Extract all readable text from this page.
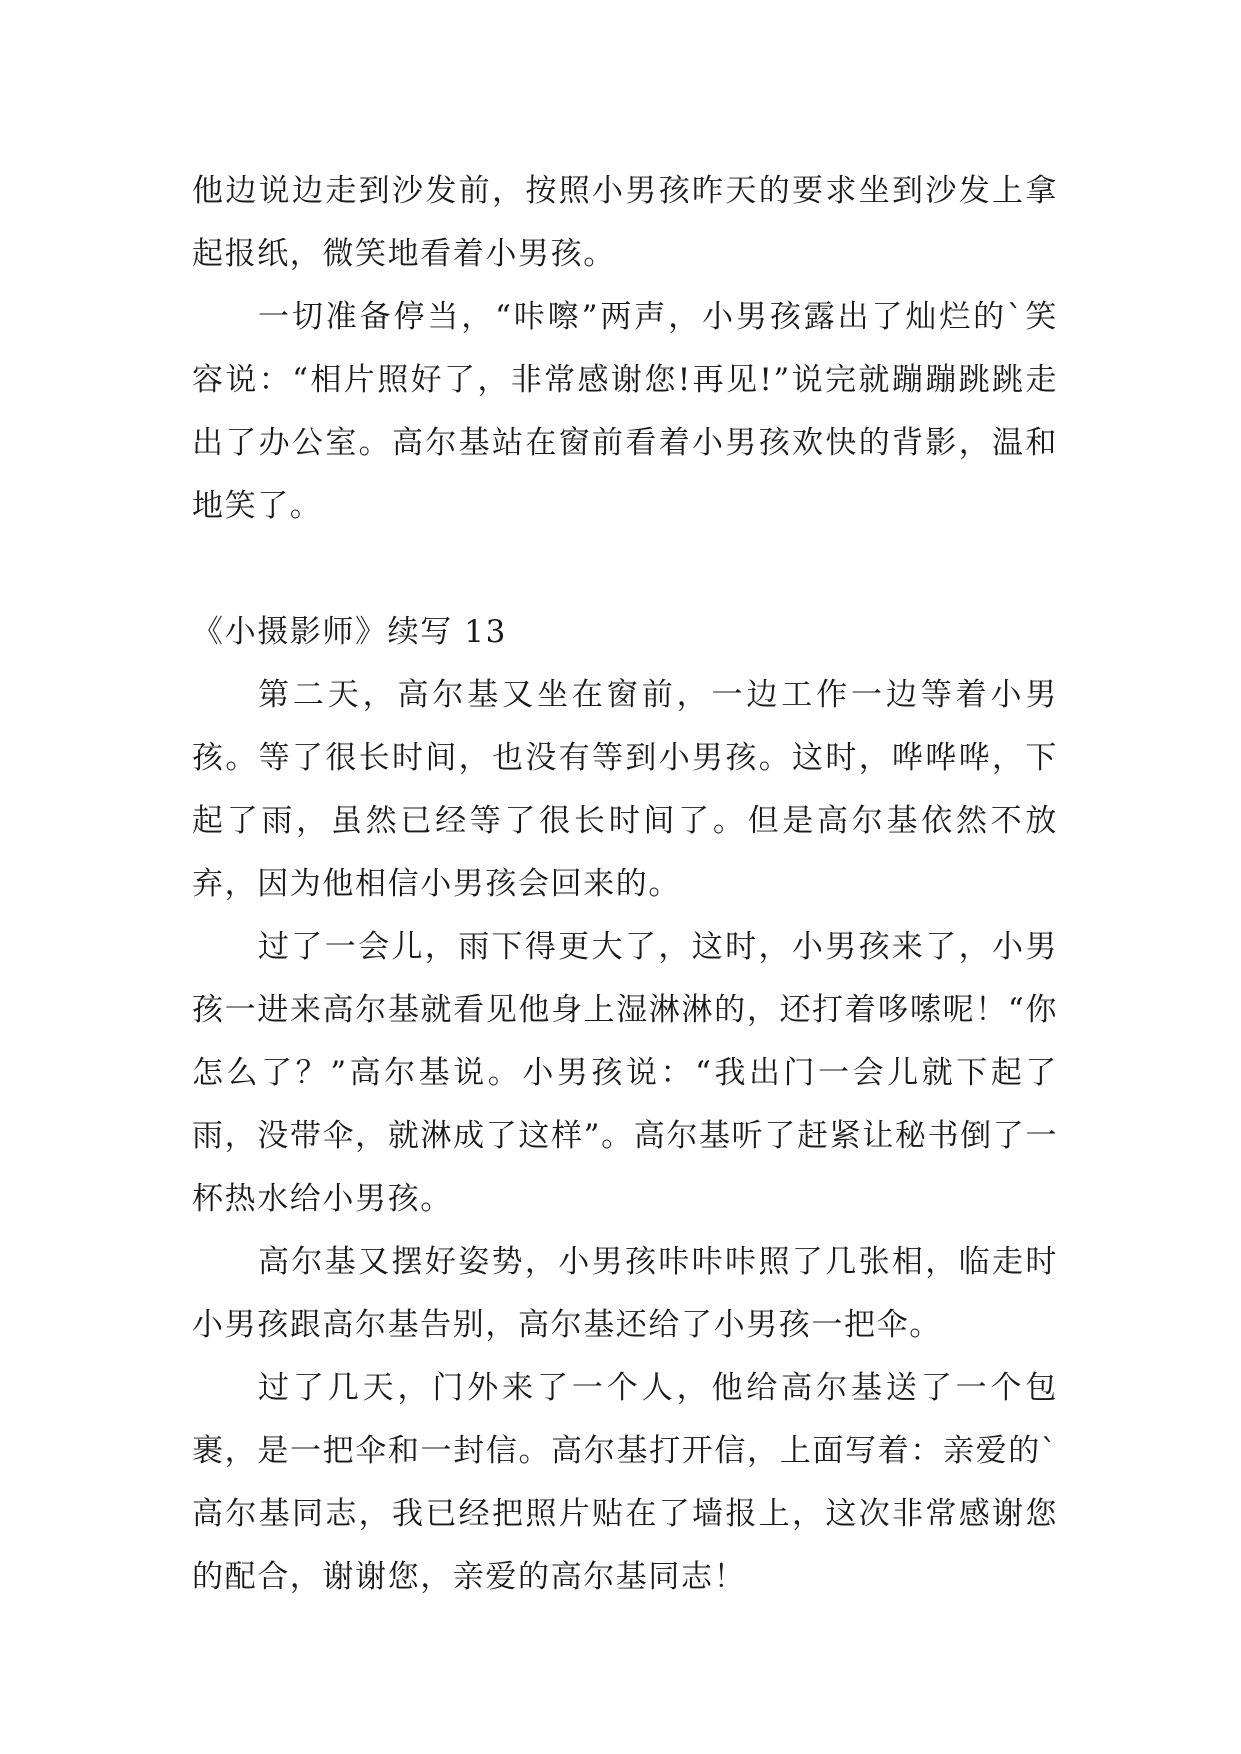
他边说边走到沙发前，按照小男孩昨天的要求坐到沙发上拿起报纸，微笑地看着小男孩。

一切准备停当，“咔嚓”两声，小男孩露出了灿烂的`笑容说：“相片照好了，非常感谢您!再见!”说完就蹦蹦跳跳走出了办公室。高尔基站在窗前看着小男孩欢快的背影，温和地笑了。

《小摄影师》续写 13

第二天，高尔基又坐在窗前，一边工作一边等着小男孩。等了很长时间，也没有等到小男孩。这时，哗哗哗，下起了雨，虽然已经等了很长时间了。但是高尔基依然不放弃，因为他相信小男孩会回来的。

过了一会儿，雨下得更大了，这时，小男孩来了，小男孩一进来高尔基就看见他身上湿淋淋的，还打着哆嗦呢！“你怎么了？”高尔基说。小男孩说：“我出门一会儿就下起了雨，没带伞，就淋成了这样”。高尔基听了赶紧让秘书倒了一杯热水给小男孩。

高尔基又摆好姿势，小男孩咔咔咔照了几张相，临走时小男孩跟高尔基告别，高尔基还给了小男孩一把伞。

过了几天，门外来了一个人，他给高尔基送了一个包裹，是一把伞和一封信。高尔基打开信，上面写着：亲爱的`高尔基同志，我已经把照片贴在了墙报上，这次非常感谢您的配合，谢谢您，亲爱的高尔基同志！
